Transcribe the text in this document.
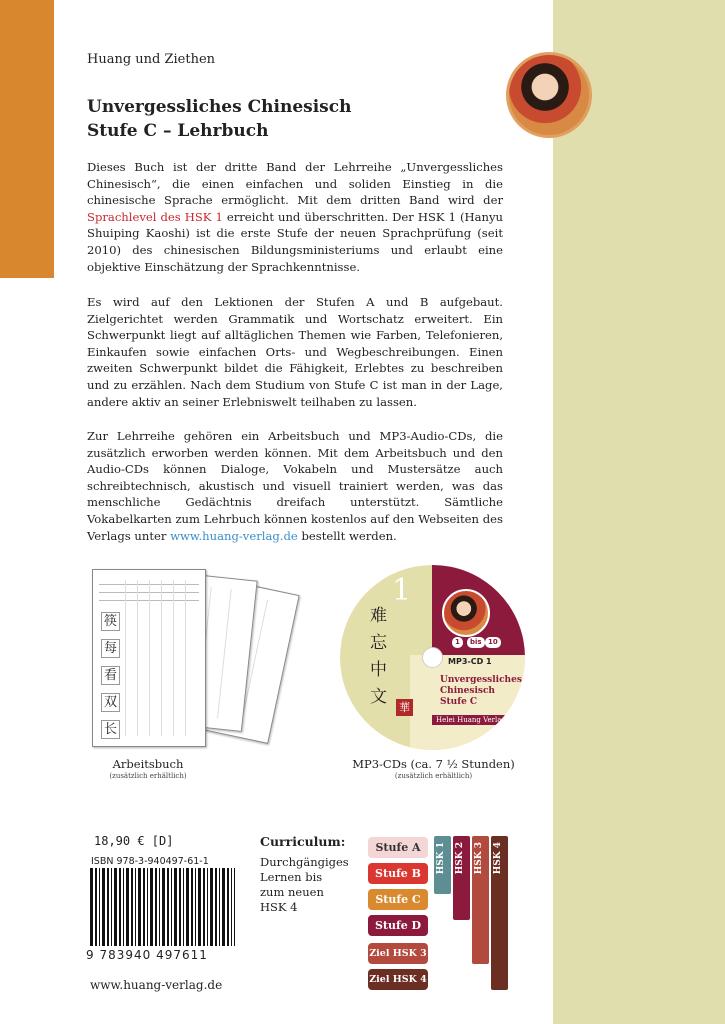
Huang und Ziethen
Unvergessliches Chinesisch
Stufe C – Lehrbuch

Dieses Buch ist der dritte Band der Lehrreihe „Unvergessliches Chinesisch“, die einen einfachen und soliden Einstieg in die chinesische Sprache ermöglicht. Mit dem dritten Band wird der Sprachlevel des HSK 1 erreicht und überschritten. Der HSK 1 (Hanyu Shuiping Kaoshi) ist die erste Stufe der neuen Sprachprüfung (seit 2010) des chinesischen Bildungsministeriums und erlaubt eine objektive Einschätzung der Sprachkenntnisse.

Es wird auf den Lektionen der Stufen A und B aufgebaut. Zielgerichtet werden Grammatik und Wortschatz erweitert. Ein Schwerpunkt liegt auf alltäglichen Themen wie Farben, Telefonieren, Einkaufen sowie einfachen Orts- und Wegbeschreibungen. Einen zweiten Schwerpunkt bildet die Fähigkeit, Erlebtes zu beschreiben und zu erzählen. Nach dem Studium von Stufe C ist man in der Lage, andere aktiv an seiner Erlebniswelt teilhaben zu lassen.

Zur Lehrreihe gehören ein Arbeitsbuch und MP3-Audio-CDs, die zusätzlich erworben werden können. Mit dem Arbeitsbuch und den Audio-CDs können Dialoge, Vokabeln und Mustersätze auch schreibtechnisch, akustisch und visuell trainiert werden, was das menschliche Gedächtnis dreifach unterstützt. Sämtliche Vokabelkarten zum Lehrbuch können kostenlos auf den Webseiten des Verlags unter www.huang-verlag.de bestellt werden.

筷
每
看
双
长
Arbeitsbuch
(zusätzlich erhältlich)
1
难
忘
中
文
1	bis 10
MP3-CD 1
Unvergessliches
Chinesisch
Stufe C
華
Helei Huang Verlag
MP3-CDs (ca. 7 ½ Stunden)
(zusätzlich erhältlich)
18,90 € [D]
ISBN 978-3-940497-61-1
9 783940 497611
www.huang-verlag.de
Curriculum:
Durchgängiges Lernen bis zum neuen HSK 4
Stufe A
Stufe B
Stufe C
Stufe D
Ziel HSK 3
Ziel HSK 4
HSK 1 HSK 2 HSK 3 HSK 4
